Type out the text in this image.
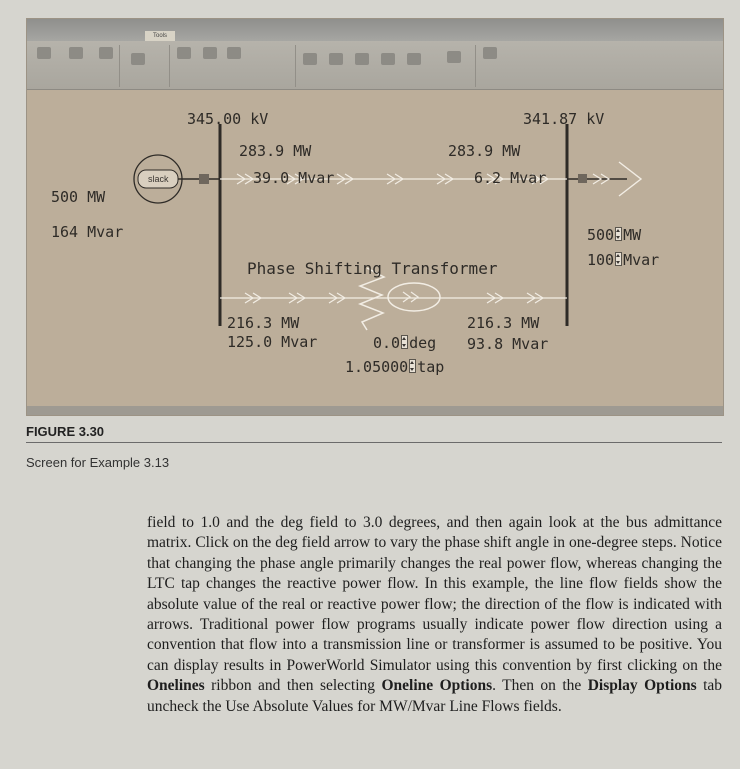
Tools
345.00 kV	341.87 kV
283.9 MW
39.0 Mvar
283.9 MW
6.2 Mvar
500 MW
164 Mvar
slack
500 MW
100 Mvar
Phase Shifting Transformer
216.3 MW
125.0 Mvar
216.3 MW
93.8 Mvar
0.0 deg
1.05000 tap
FIGURE 3.30
Screen for Example 3.13

field to 1.0 and the deg field to 3.0 degrees, and then again look at the bus admittance matrix. Click on the deg field arrow to vary the phase shift angle in one-degree steps. Notice that changing the phase angle primarily changes the real power flow, whereas changing the LTC tap changes the reactive power flow. In this example, the line flow fields show the absolute value of the real or reactive power flow; the direction of the flow is indicated with arrows. Traditional power flow programs usually indicate power flow direction using a convention that flow into a transmission line or transformer is assumed to be positive. You can display results in PowerWorld Simulator using this convention by first clicking on the Onelines ribbon and then selecting Oneline Options. Then on the Display Options tab uncheck the Use Absolute Values for MW/Mvar Line Flows fields.
